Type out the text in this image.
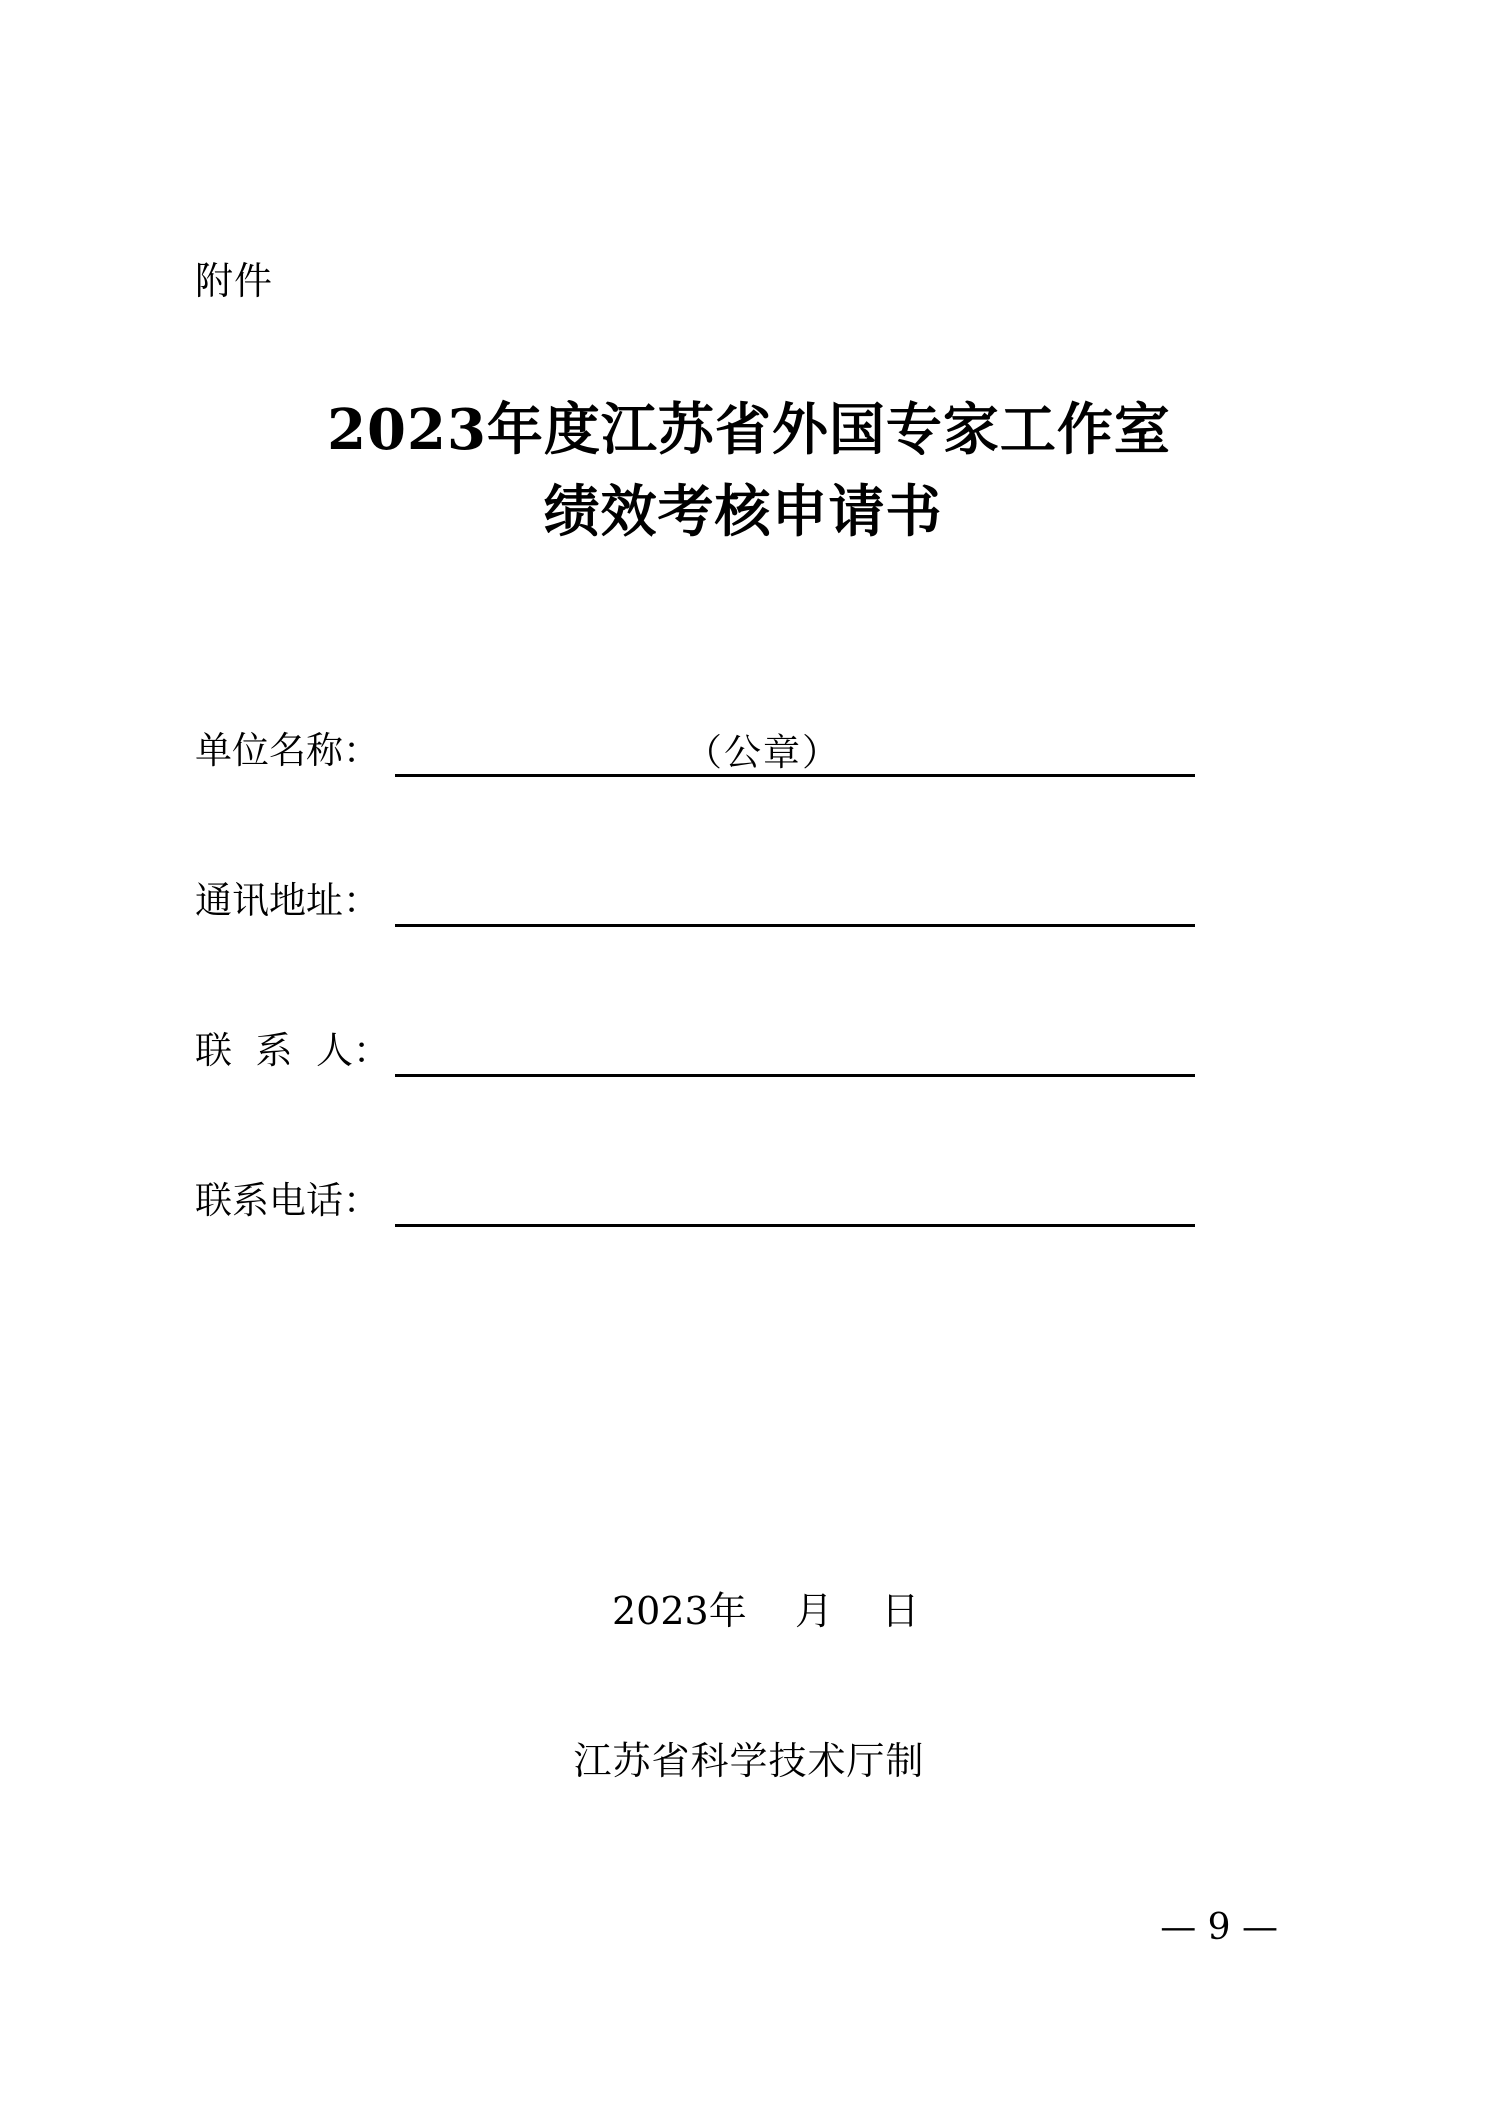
附件
2023年度江苏省外国专家工作室
绩效考核申请书
单位名称：	（公章）
通讯地址：
联  系  人：
联系电话：
2023年    月    日
江苏省科学技术厅制
— 9 —
